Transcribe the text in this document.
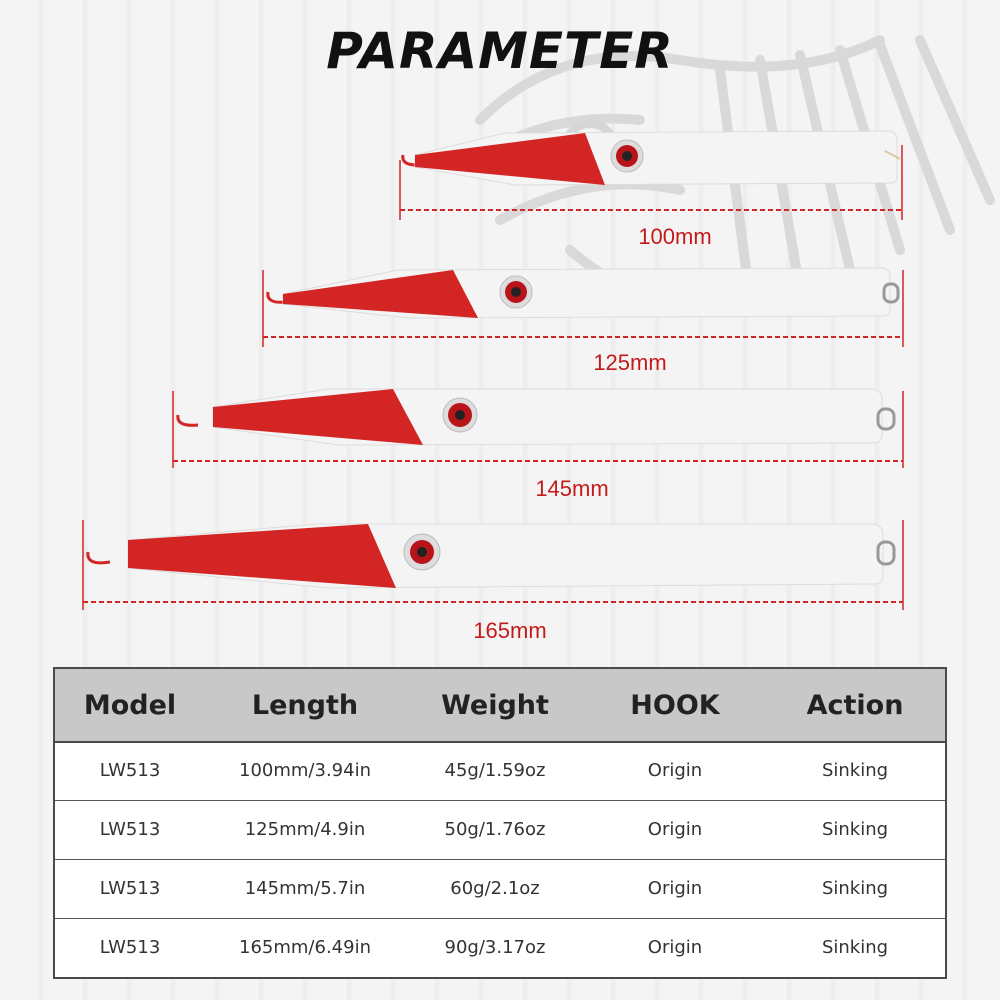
PARAMETER
100mm
125mm
145mm
165mm
Model	Length	Weight	HOOK	Action
LW513	100mm/3.94in	45g/1.59oz	Origin	Sinking
LW513	125mm/4.9in	50g/1.76oz	Origin	Sinking
LW513	145mm/5.7in	60g/2.1oz	Origin	Sinking
LW513	165mm/6.49in	90g/3.17oz	Origin	Sinking
